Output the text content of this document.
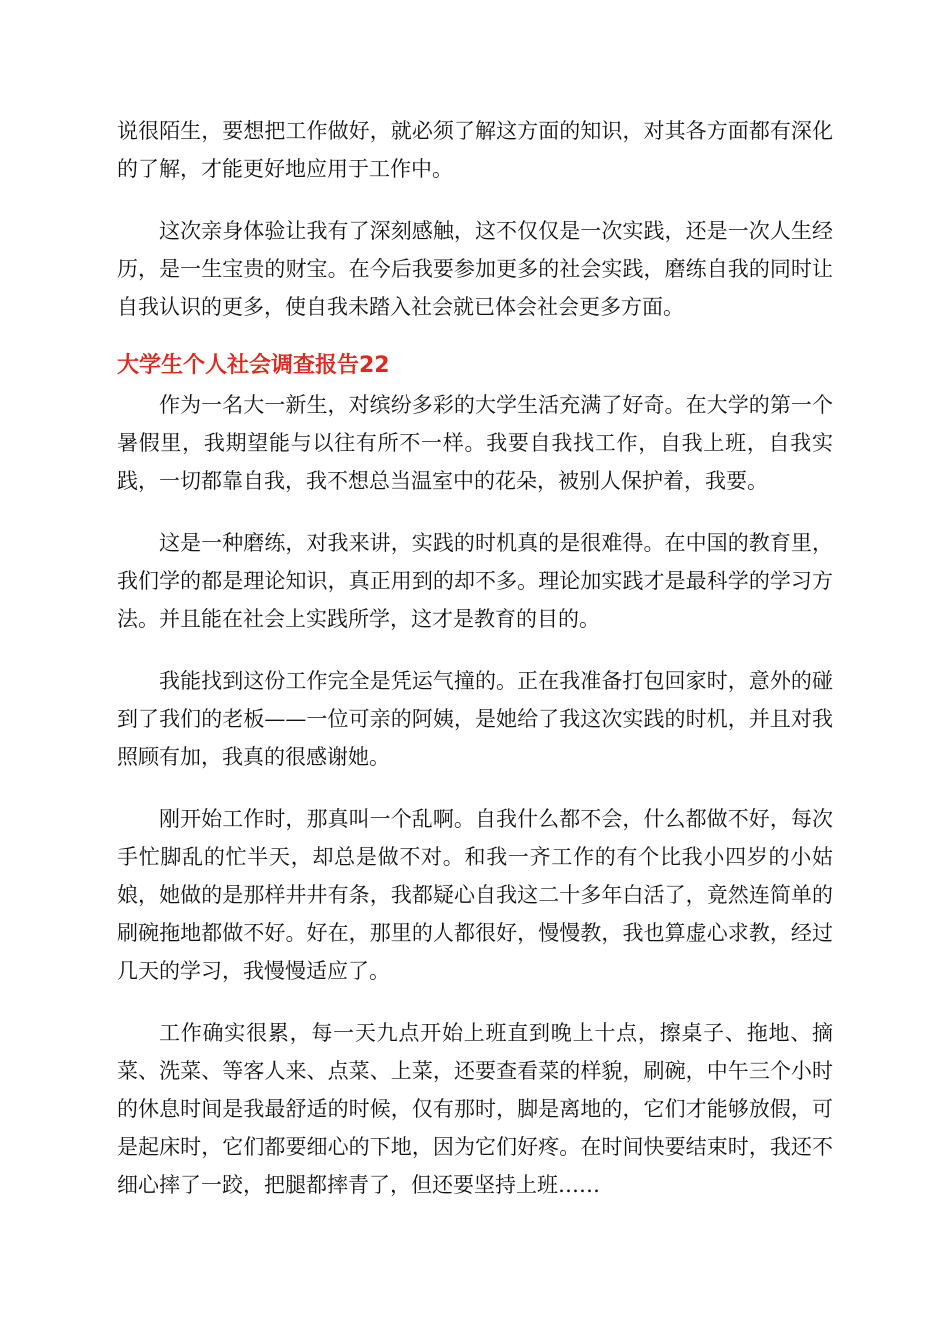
说很陌生，要想把工作做好，就必须了解这方面的知识，对其各方面都有深化的了解，才能更好地应用于工作中。

这次亲身体验让我有了深刻感触，这不仅仅是一次实践，还是一次人生经历，是一生宝贵的财宝。在今后我要参加更多的社会实践，磨练自我的同时让自我认识的更多，使自我未踏入社会就已体会社会更多方面。

大学生个人社会调查报告22

作为一名大一新生，对缤纷多彩的大学生活充满了好奇。在大学的第一个暑假里，我期望能与以往有所不一样。我要自我找工作，自我上班，自我实践，一切都靠自我，我不想总当温室中的花朵，被别人保护着，我要。

这是一种磨练，对我来讲，实践的时机真的是很难得。在中国的教育里，我们学的都是理论知识，真正用到的却不多。理论加实践才是最科学的学习方法。并且能在社会上实践所学，这才是教育的目的。

我能找到这份工作完全是凭运气撞的。正在我准备打包回家时，意外的碰到了我们的老板——一位可亲的阿姨，是她给了我这次实践的时机，并且对我照顾有加，我真的很感谢她。

刚开始工作时，那真叫一个乱啊。自我什么都不会，什么都做不好，每次手忙脚乱的忙半天，却总是做不对。和我一齐工作的有个比我小四岁的小姑娘，她做的是那样井井有条，我都疑心自我这二十多年白活了，竟然连简单的刷碗拖地都做不好。好在，那里的人都很好，慢慢教，我也算虚心求教，经过几天的学习，我慢慢适应了。

工作确实很累，每一天九点开始上班直到晚上十点，擦桌子、拖地、摘菜、洗菜、等客人来、点菜、上菜，还要查看菜的样貌，刷碗，中午三个小时的休息时间是我最舒适的时候，仅有那时，脚是离地的，它们才能够放假，可是起床时，它们都要细心的下地，因为它们好疼。在时间快要结束时，我还不细心摔了一跤，把腿都摔青了，但还要坚持上班……
